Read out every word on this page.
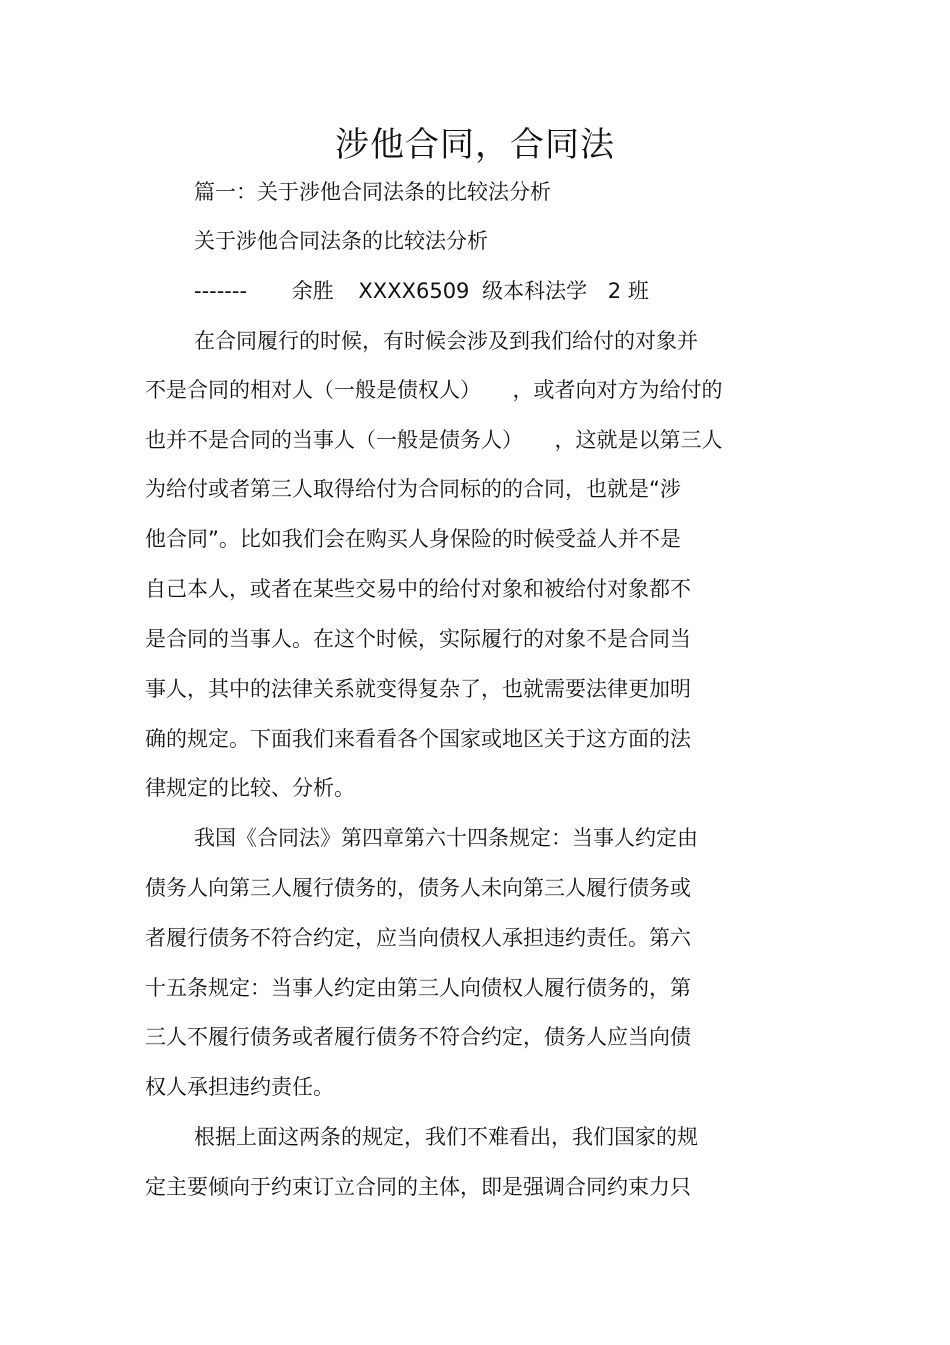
涉他合同，合同法
篇一：关于涉他合同法条的比较法分析
关于涉他合同法条的比较法分析
------- 余胜 XXXX6509 级本科法学 2 班
在合同履行的时候，有时候会涉及到我们给付的对象并
不是合同的相对人（一般是债权人）　　，或者向对方为给付的
也并不是合同的当事人（一般是债务人）　　，这就是以第三人
为给付或者第三人取得给付为合同标的的合同，也就是“涉
他合同”。比如我们会在购买人身保险的时候受益人并不是
自己本人，或者在某些交易中的给付对象和被给付对象都不
是合同的当事人。在这个时候，实际履行的对象不是合同当
事人，其中的法律关系就变得复杂了，也就需要法律更加明
确的规定。下面我们来看看各个国家或地区关于这方面的法
律规定的比较、分析。
我国《合同法》第四章第六十四条规定：当事人约定由
债务人向第三人履行债务的，债务人未向第三人履行债务或
者履行债务不符合约定，应当向债权人承担违约责任。第六
十五条规定：当事人约定由第三人向债权人履行债务的，第
三人不履行债务或者履行债务不符合约定，债务人应当向债
权人承担违约责任。
根据上面这两条的规定，我们不难看出，我们国家的规
定主要倾向于约束订立合同的主体，即是强调合同约束力只
